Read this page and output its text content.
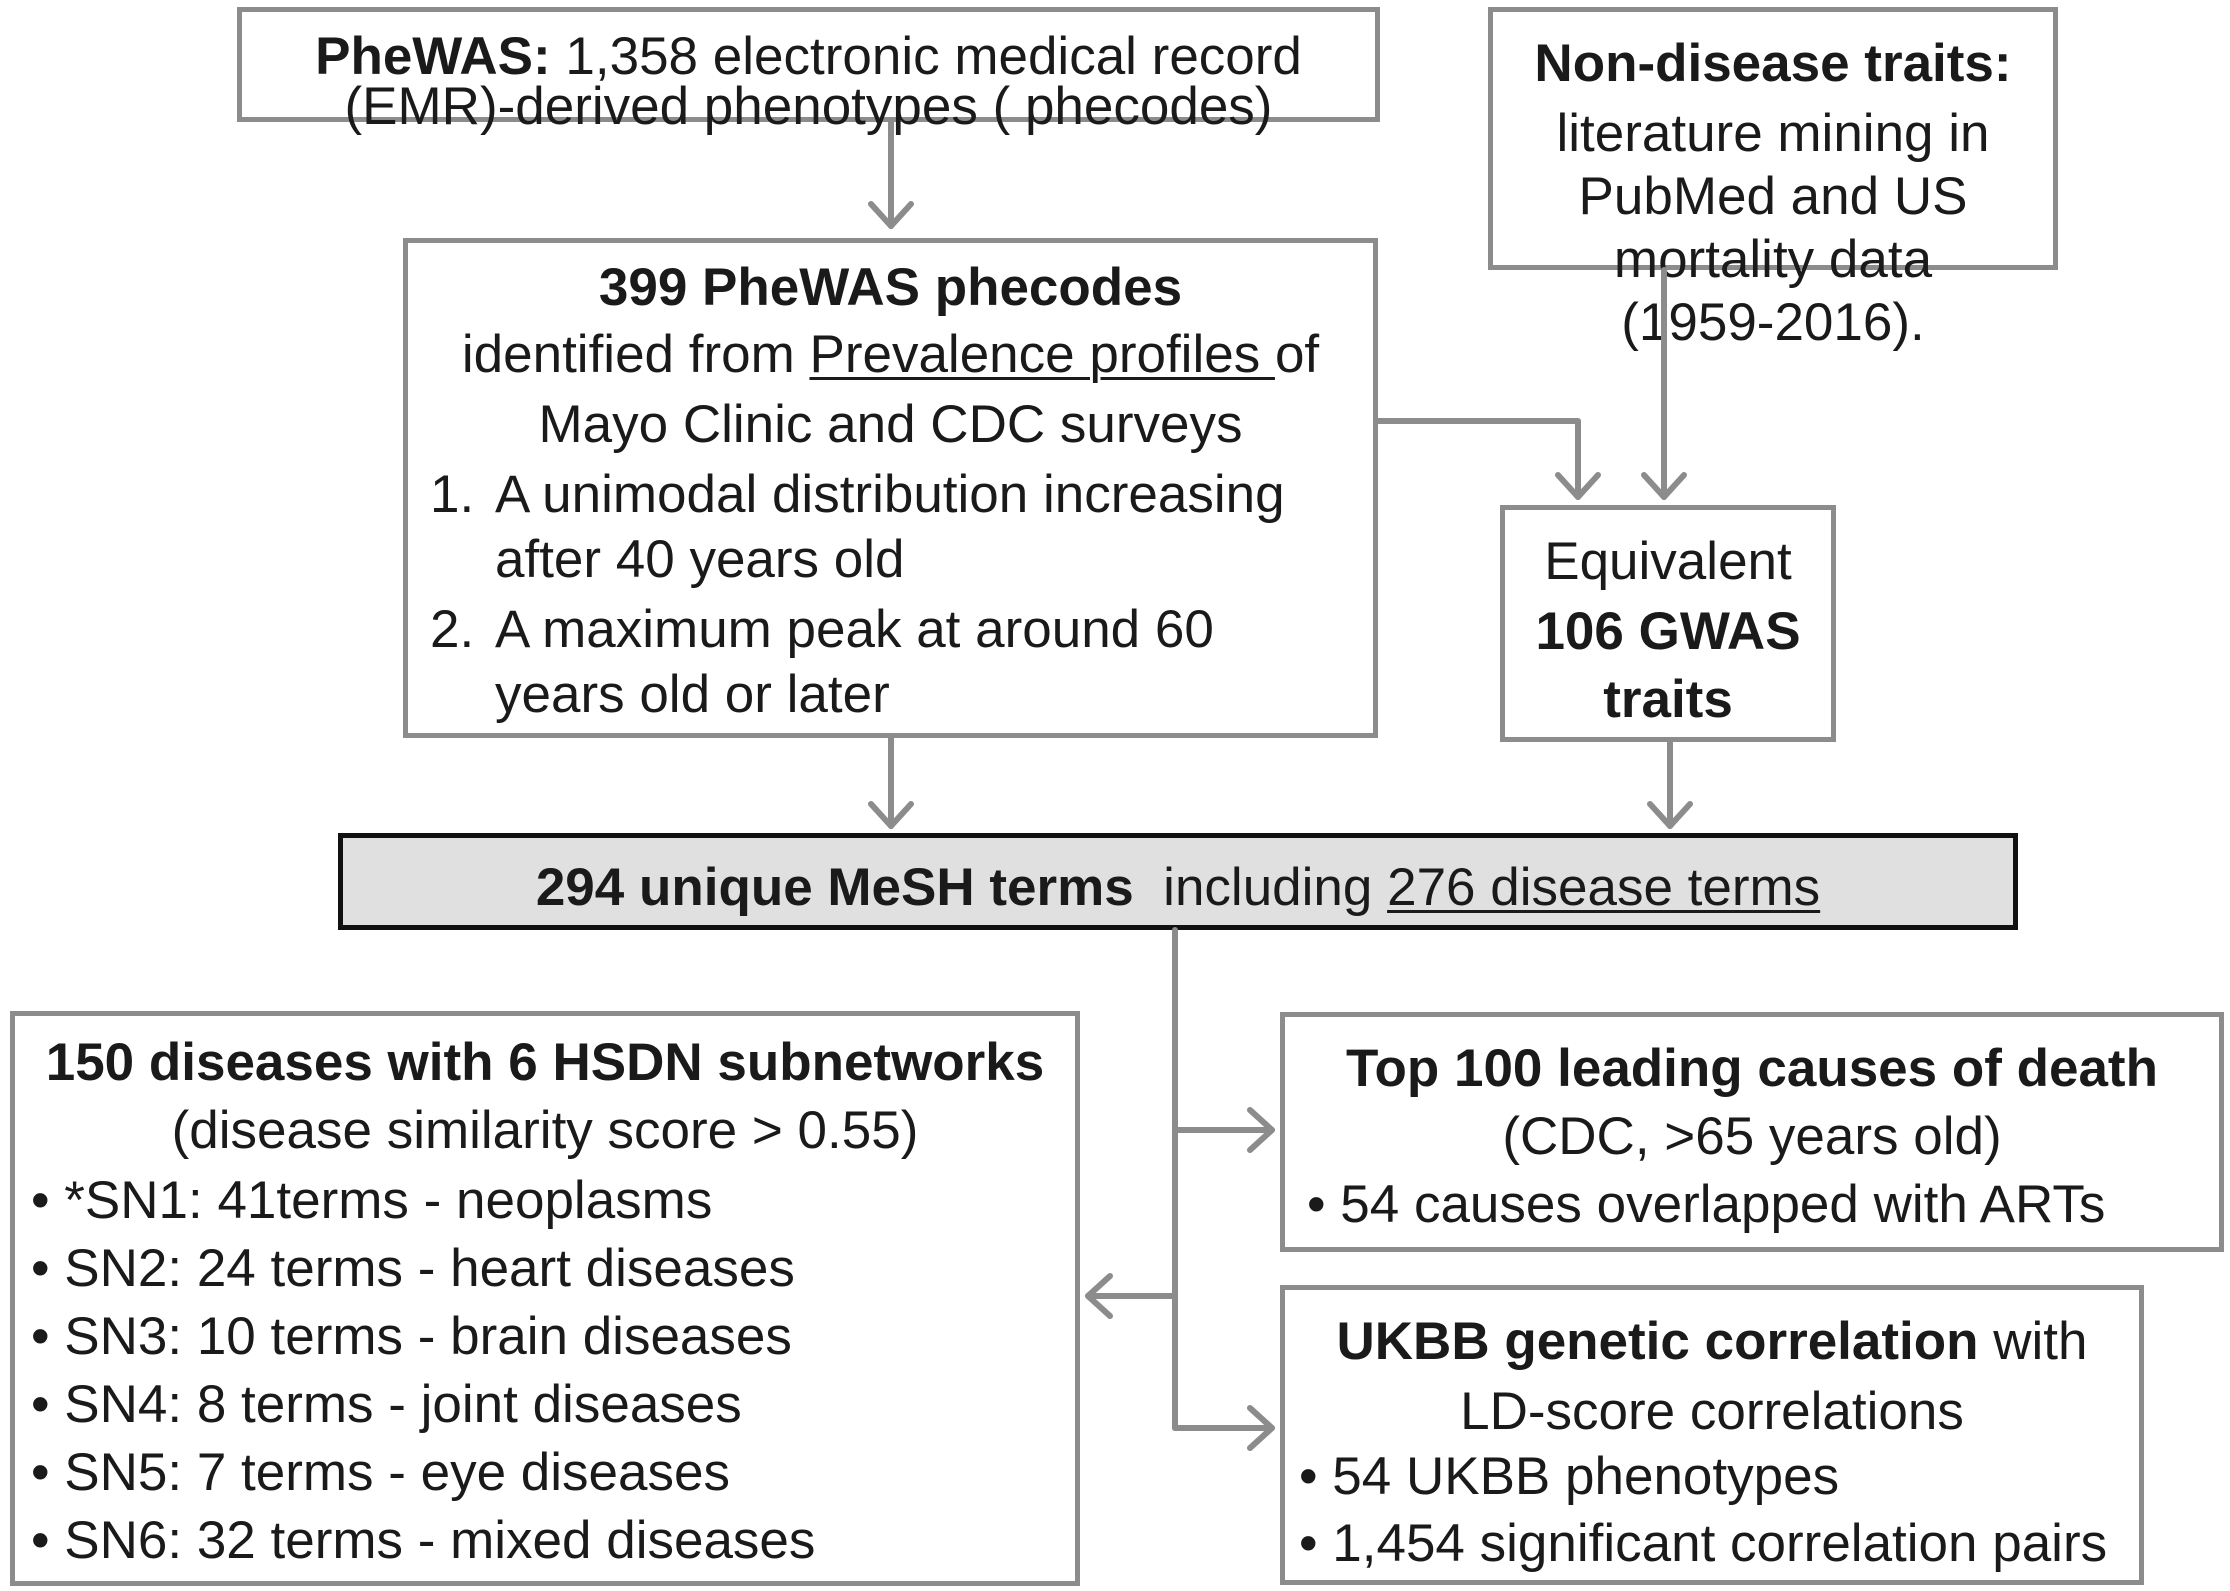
PheWAS: 1,358 electronic medical record
(EMR)-derived phenotypes ( phecodes)
Non-disease traits:
literature mining in
PubMed and US
mortality data
(1959-2016).
399 PheWAS phecodes
identified from Prevalence profiles of
Mayo Clinic and CDC surveys
1. A unimodal distribution increasing
after 40 years old
2. A maximum peak at around 60
years old or later
Equivalent
106 GWAS
traits
294 unique MeSH terms  including 276 disease terms
150 diseases with 6 HSDN subnetworks
(disease similarity score > 0.55)
• *SN1: 41terms - neoplasms
• SN2: 24 terms - heart diseases
• SN3: 10 terms - brain diseases
• SN4: 8 terms - joint diseases
• SN5: 7 terms - eye diseases
• SN6: 32 terms - mixed diseases
Top 100 leading causes of death
(CDC, >65 years old)
• 54 causes overlapped with ARTs
UKBB genetic correlation with
LD-score correlations
• 54 UKBB phenotypes
• 1,454 significant correlation pairs
